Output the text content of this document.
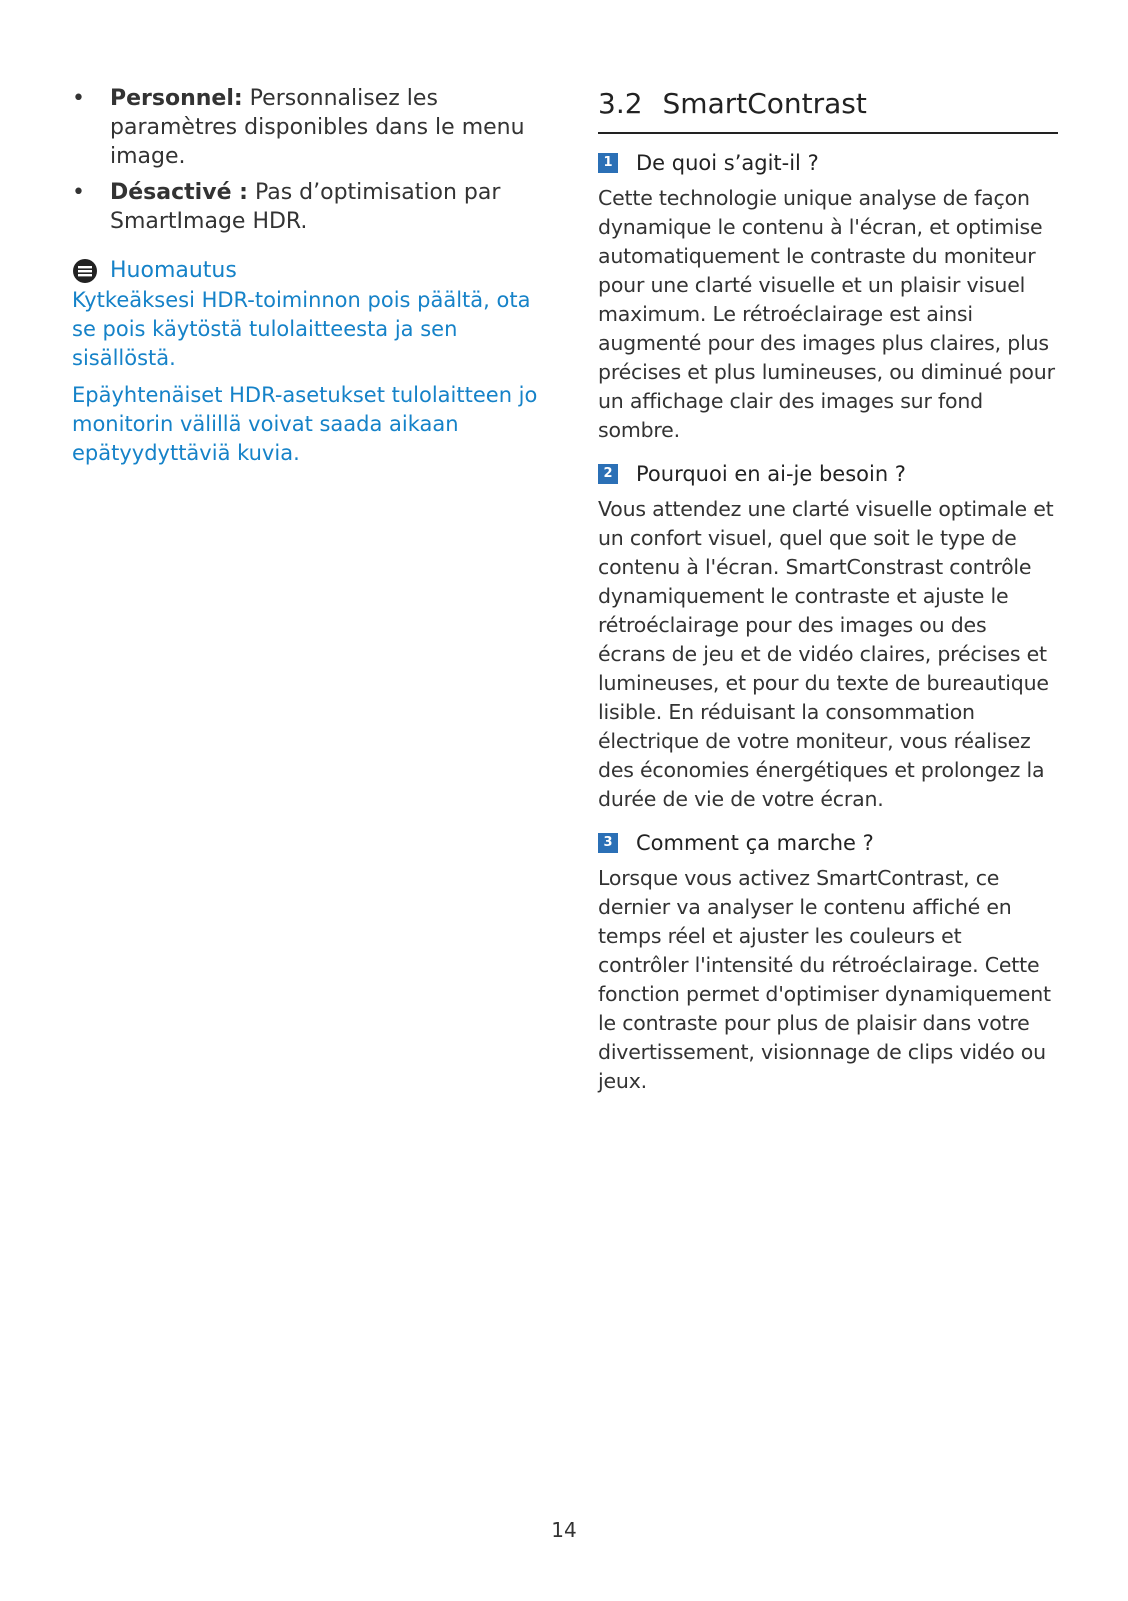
• Personnel: Personnalisez les paramètres disponibles dans le menu image.
• Désactivé : Pas d’optimisation par SmartImage HDR.
Huomautus

Kytkeäksesi HDR-toiminnon pois päältä, ota se pois käytöstä tulolaitteesta ja sen sisällöstä.

Epäyhtenäiset HDR-asetukset tulolaitteen jo monitorin välillä voivat saada aikaan epätyydyttäviä kuvia.

3.2 SmartContrast
1 De quoi s’agit-il ?

Cette technologie unique analyse de façon dynamique le contenu à l'écran, et optimise automatiquement le contraste du moniteur pour une clarté visuelle et un plaisir visuel maximum. Le rétroéclairage est ainsi augmenté pour des images plus claires, plus précises et plus lumineuses, ou diminué pour un affichage clair des images sur fond sombre.

2 Pourquoi en ai-je besoin ?

Vous attendez une clarté visuelle optimale et un confort visuel, quel que soit le type de contenu à l'écran. SmartConstrast contrôle dynamiquement le contraste et ajuste le rétroéclairage pour des images ou des écrans de jeu et de vidéo claires, précises et lumineuses, et pour du texte de bureautique lisible. En réduisant la consommation électrique de votre moniteur, vous réalisez des économies énergétiques et prolongez la durée de vie de votre écran.

3 Comment ça marche ?

Lorsque vous activez SmartContrast, ce dernier va analyser le contenu affiché en temps réel et ajuster les couleurs et contrôler l'intensité du rétroéclairage. Cette fonction permet d'optimiser dynamiquement le contraste pour plus de plaisir dans votre divertissement, visionnage de clips vidéo ou jeux.

14
